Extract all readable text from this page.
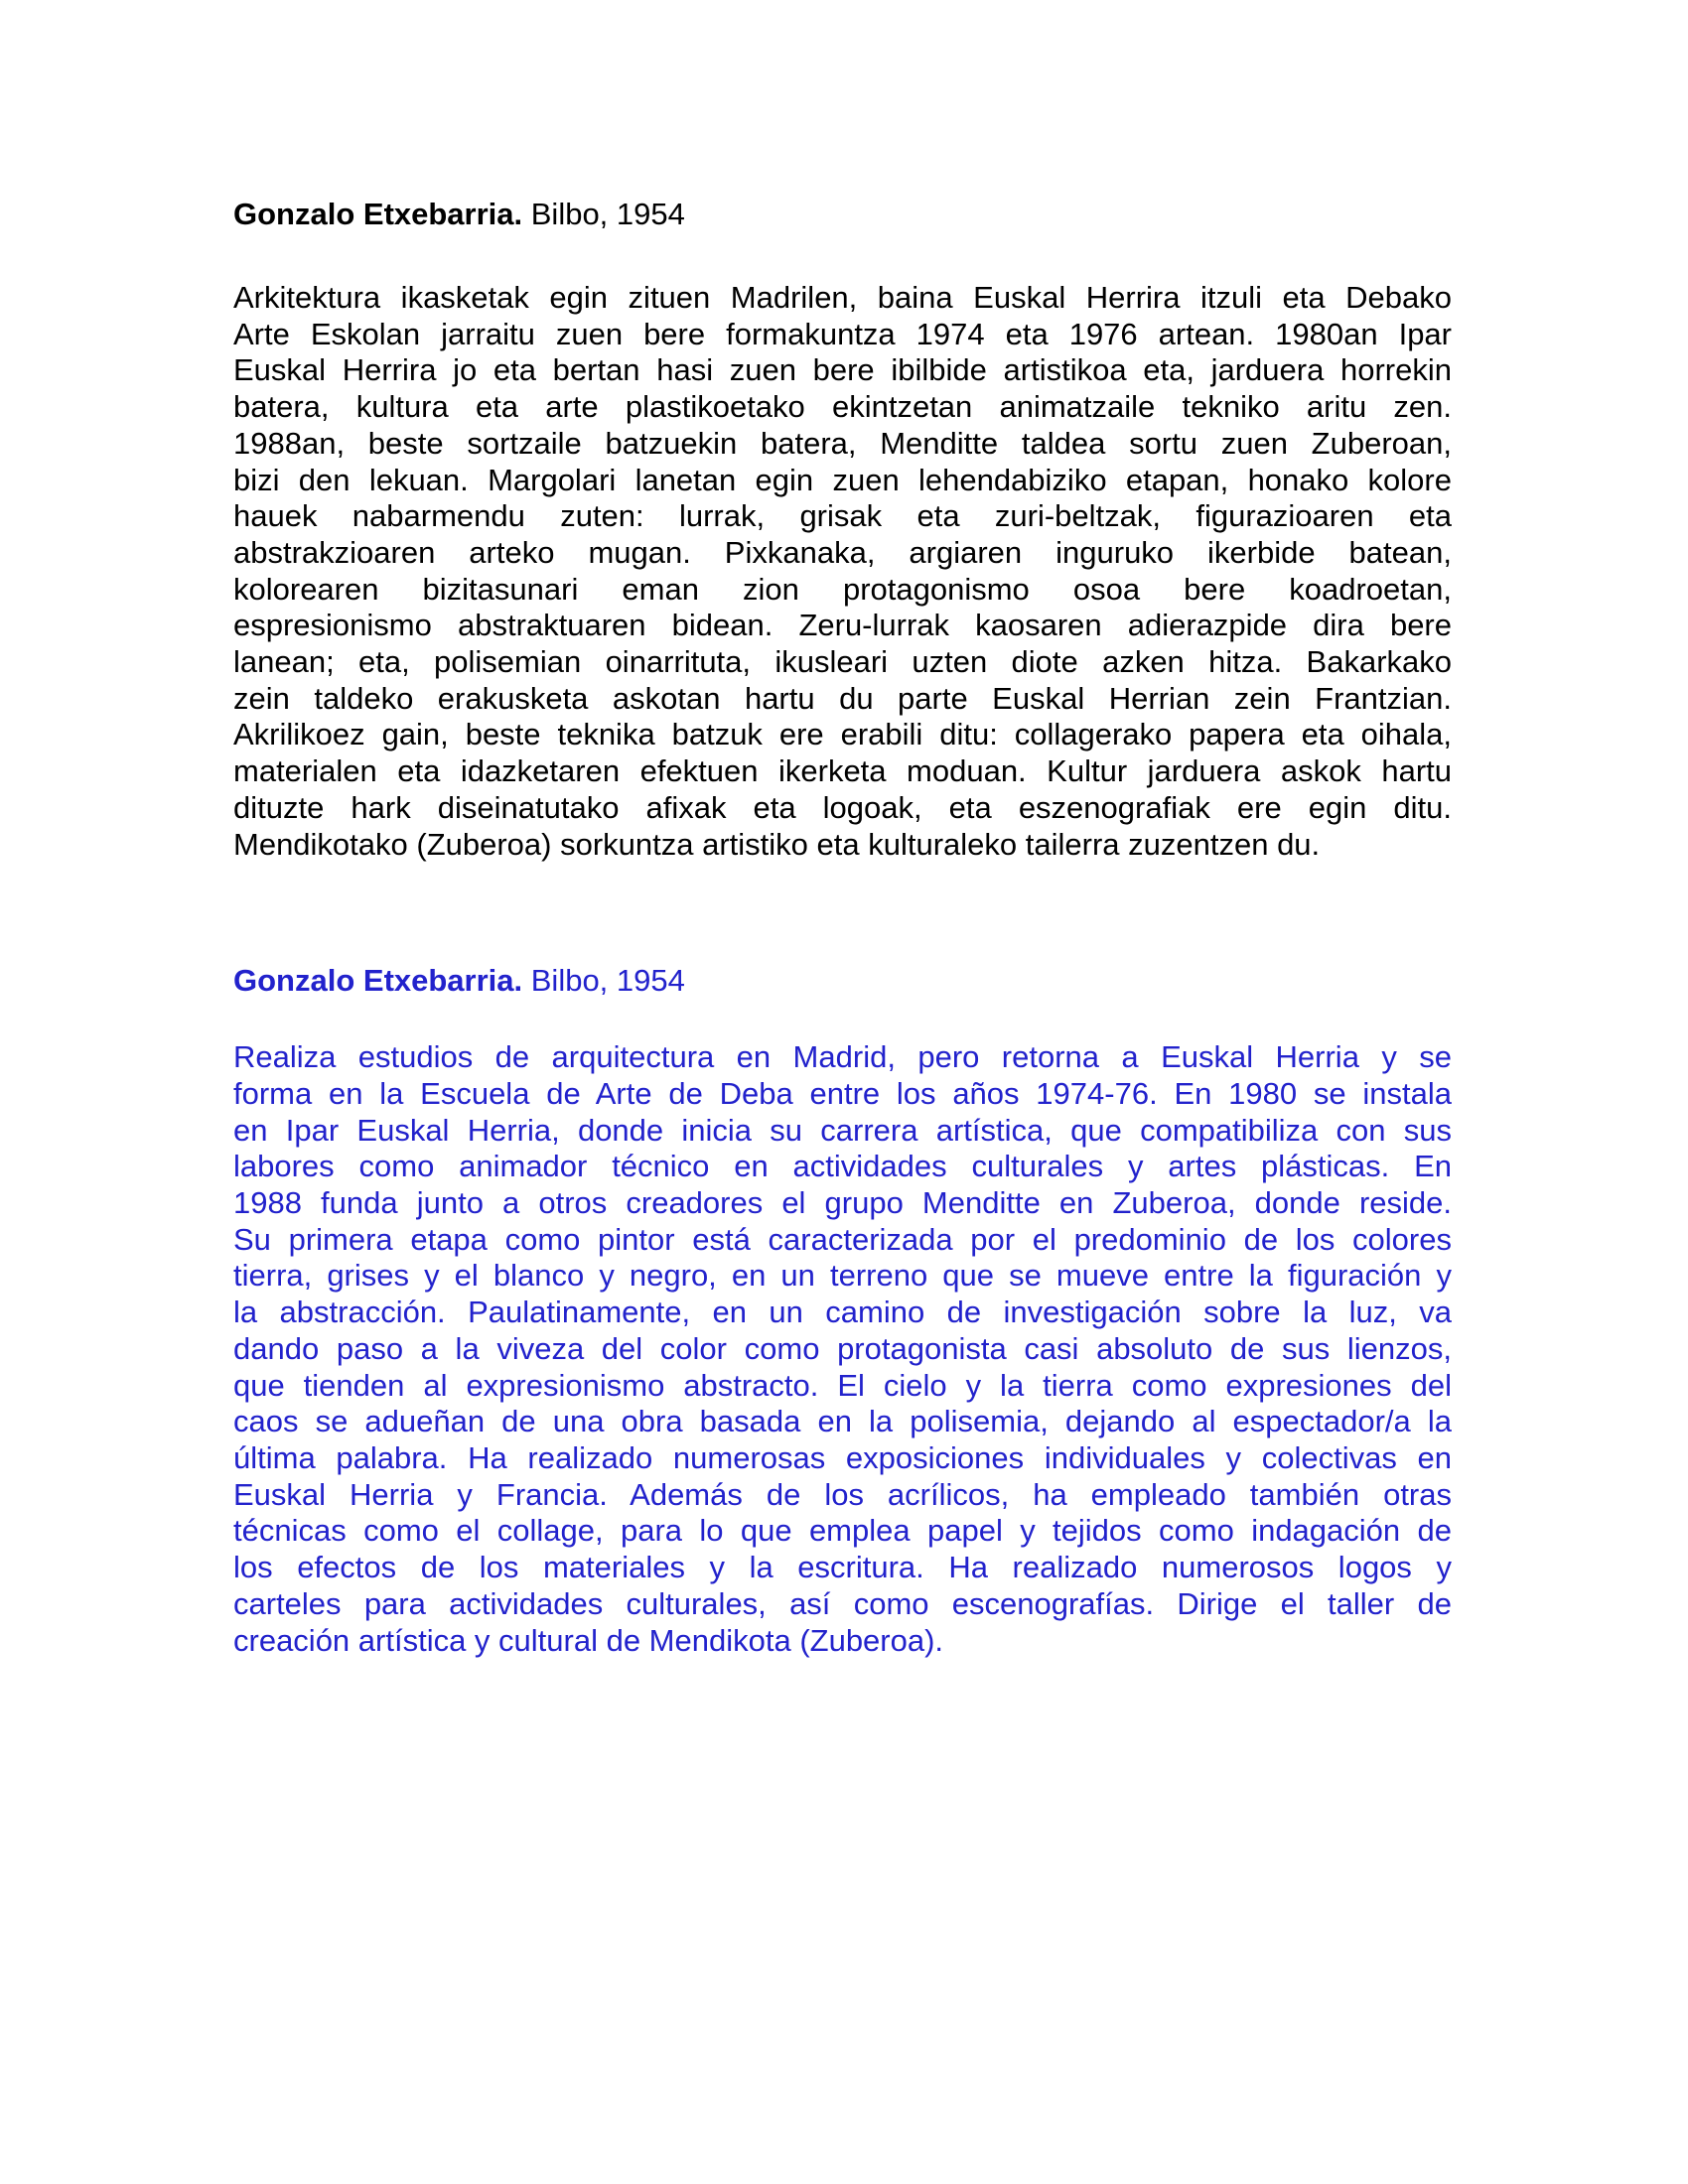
Gonzalo Etxebarria. Bilbo, 1954
Arkitektura ikasketak egin zituen Madrilen, baina Euskal Herrira itzuli eta Debako
Arte Eskolan jarraitu zuen bere formakuntza 1974 eta 1976 artean. 1980an Ipar
Euskal Herrira jo eta bertan hasi zuen bere ibilbide artistikoa eta, jarduera horrekin
batera, kultura eta arte plastikoetako ekintzetan animatzaile tekniko aritu zen.
1988an, beste sortzaile batzuekin batera, Menditte taldea sortu zuen Zuberoan,
bizi den lekuan. Margolari lanetan egin zuen lehendabiziko etapan, honako kolore
hauek nabarmendu zuten: lurrak, grisak eta zuri-beltzak, figurazioaren eta
abstrakzioaren arteko mugan. Pixkanaka, argiaren inguruko ikerbide batean,
kolorearen bizitasunari eman zion protagonismo osoa bere koadroetan,
espresionismo abstraktuaren bidean. Zeru-lurrak kaosaren adierazpide dira bere
lanean; eta, polisemian oinarrituta, ikusleari uzten diote azken hitza. Bakarkako
zein taldeko erakusketa askotan hartu du parte Euskal Herrian zein Frantzian.
Akrilikoez gain, beste teknika batzuk ere erabili ditu: collagerako papera eta oihala,
materialen eta idazketaren efektuen ikerketa moduan. Kultur jarduera askok hartu
dituzte hark diseinatutako afixak eta logoak, eta eszenografiak ere egin ditu.
Mendikotako (Zuberoa) sorkuntza artistiko eta kulturaleko tailerra zuzentzen du.
Gonzalo Etxebarria. Bilbo, 1954
Realiza estudios de arquitectura en Madrid, pero retorna a Euskal Herria y se
forma en la Escuela de Arte de Deba entre los años 1974-76. En 1980 se instala
en Ipar Euskal Herria, donde inicia su carrera artística, que compatibiliza con sus
labores como animador técnico en actividades culturales y artes plásticas. En
1988 funda junto a otros creadores el grupo Menditte en Zuberoa, donde reside.
Su primera etapa como pintor está caracterizada por el predominio de los colores
tierra, grises y el blanco y negro, en un terreno que se mueve entre la figuración y
la abstracción. Paulatinamente, en un camino de investigación sobre la luz, va
dando paso a la viveza del color como protagonista casi absoluto de sus lienzos,
que tienden al expresionismo abstracto. El cielo y la tierra como expresiones del
caos se adueñan de una obra basada en la polisemia, dejando al espectador/a la
última palabra. Ha realizado numerosas exposiciones individuales y colectivas en
Euskal Herria y Francia. Además de los acrílicos, ha empleado también otras
técnicas como el collage, para lo que emplea papel y tejidos como indagación de
los efectos de los materiales y la escritura. Ha realizado numerosos logos y
carteles para actividades culturales, así como escenografías. Dirige el taller de
creación artística y cultural de Mendikota (Zuberoa).
